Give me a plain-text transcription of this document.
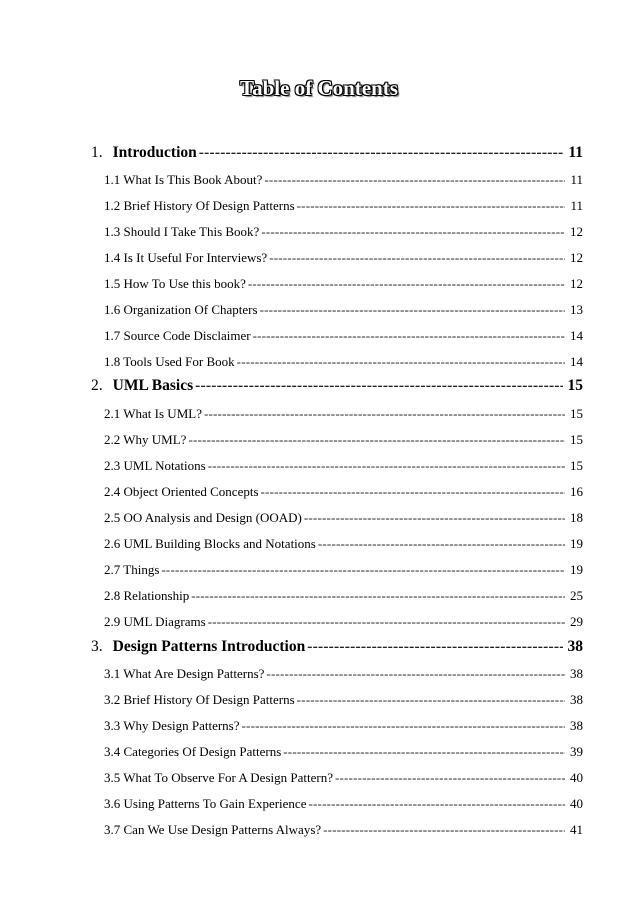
Table of Contents
1. Introduction -----	11
1.1 What Is This Book About? -----	11
1.2 Brief History Of Design Patterns -----	11
1.3 Should I Take This Book? -----	12
1.4 Is It Useful For Interviews? -----	12
1.5 How To Use this book? -----	12
1.6 Organization Of Chapters -----	13
1.7 Source Code Disclaimer -----	14
1.8 Tools Used For Book -----	14
2. UML Basics -----	15
2.1 What Is UML? -----	15
2.2 Why UML? -----	15
2.3 UML Notations -----	15
2.4 Object Oriented Concepts -----	16
2.5 OO Analysis and Design (OOAD) -----	18
2.6 UML Building Blocks and Notations -----	19
2.7 Things -----	19
2.8 Relationship -----	25
2.9 UML Diagrams -----	29
3. Design Patterns Introduction -----	38
3.1 What Are Design Patterns? -----	38
3.2 Brief History Of Design Patterns -----	38
3.3 Why Design Patterns? -----	38
3.4 Categories Of Design Patterns -----	39
3.5 What To Observe For A Design Pattern? -----	40
3.6 Using Patterns To Gain Experience -----	40
3.7 Can We Use Design Patterns Always? -----	41
